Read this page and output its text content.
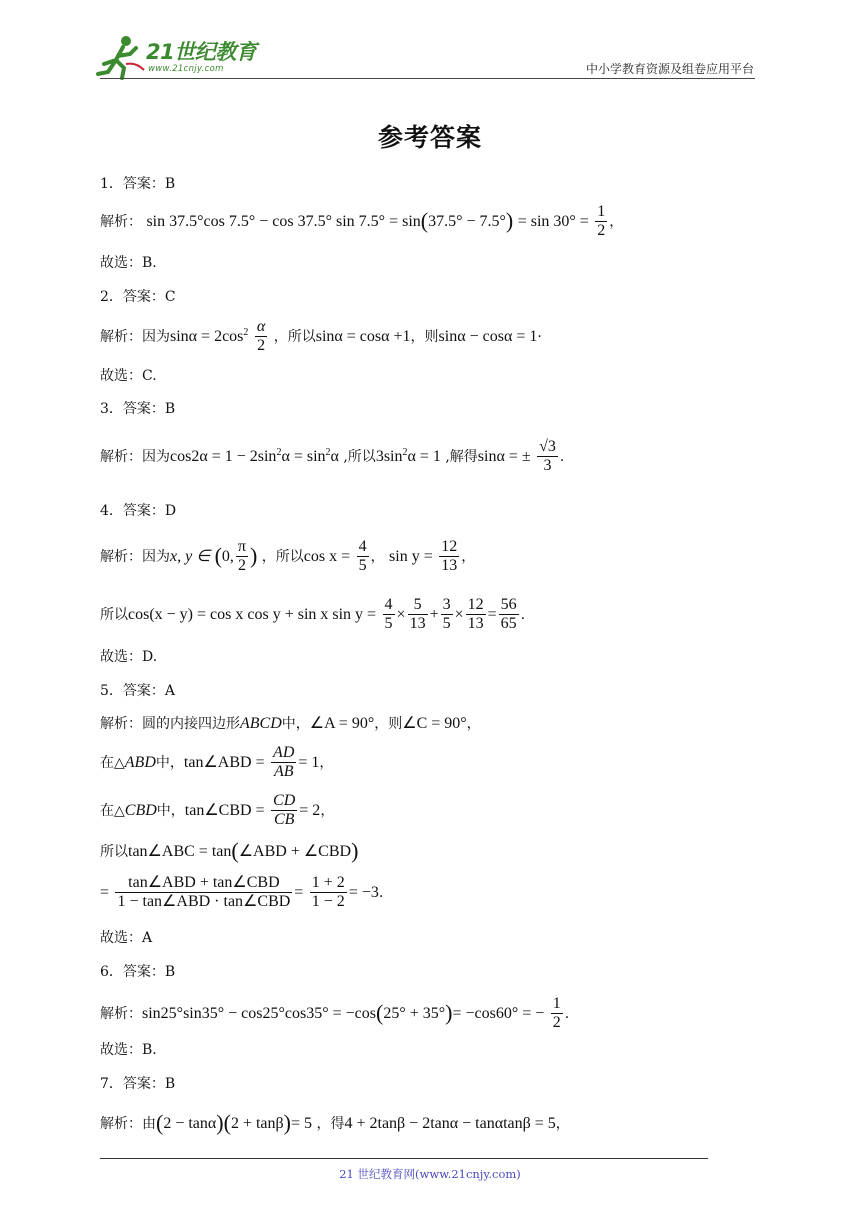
21世纪教育
www.21cnjy.com	中小学教育资源及组卷应用平台
参考答案
1．答案：B
解析： sin 37.5°cos 7.5° − cos 37.5° $\sin 7.5^\circ = \sin(37.5^\circ - 7.5^\circ) = \sin 30^\circ = \frac{1}{2}$ ，
故选：B.
2．答案：C
解析：因为$\sin\alpha = 2\cos^2 \frac{\alpha}{2}$ ，所以sinα = cosα +1，则sinα − cosα = 1·
故选：C.
3．答案：B
解析：因为$\cos 2\alpha = 1 - 2\sin^2\alpha = \sin^2\alpha$ ,所以$3\sin^2\alpha = 1$ ,解得sinα = ± $\frac{√3}{3}$ .
4．答案：D
解析：因为x, y ∈ (0, $\frac{\pi}{2}$ ) ，所以$\cos x = \frac{4}{5}$ ， $\sin y = \frac{12}{13}$ ，
所以cos(x − y) = cos x cos y + sin x $\sin y = \frac{4}{5} \times \frac{5}{13} + \frac{3}{5} \times \frac{12}{13} = \frac{56}{65}$ .
故选：D.
5．答案：A
解析：圆的内接四边形ABCD中，∠A = 90°，则∠C = 90°，
在△ABD中，tan∠ABD = $\frac{AD}{AB} = 1$，
在△CBD中，tan∠CBD = $\frac{CD}{CB} = 2$，
所以tan∠ABC = tan(∠ABD + ∠CBD)
= $\frac{\text{tan∠ABD + tan∠CBD}}{\text{1 − tan∠ABD · tan∠CBD}} = \frac{1 + 2}{1 - 2} = -3$.
故选：A
6．答案：B
解析：sin25°sin35° − cos25°cos35° = −cos(25° + 35°)= −cos60° = − $\frac{1}{2}$ .
故选：B.
7．答案：B
解析：由(2 − tanα)(2 + tanβ)= 5 ，得4 + 2tanβ − 2tanα − tanαtanβ = 5，
21 世纪教育网(www.21cnjy.com)
